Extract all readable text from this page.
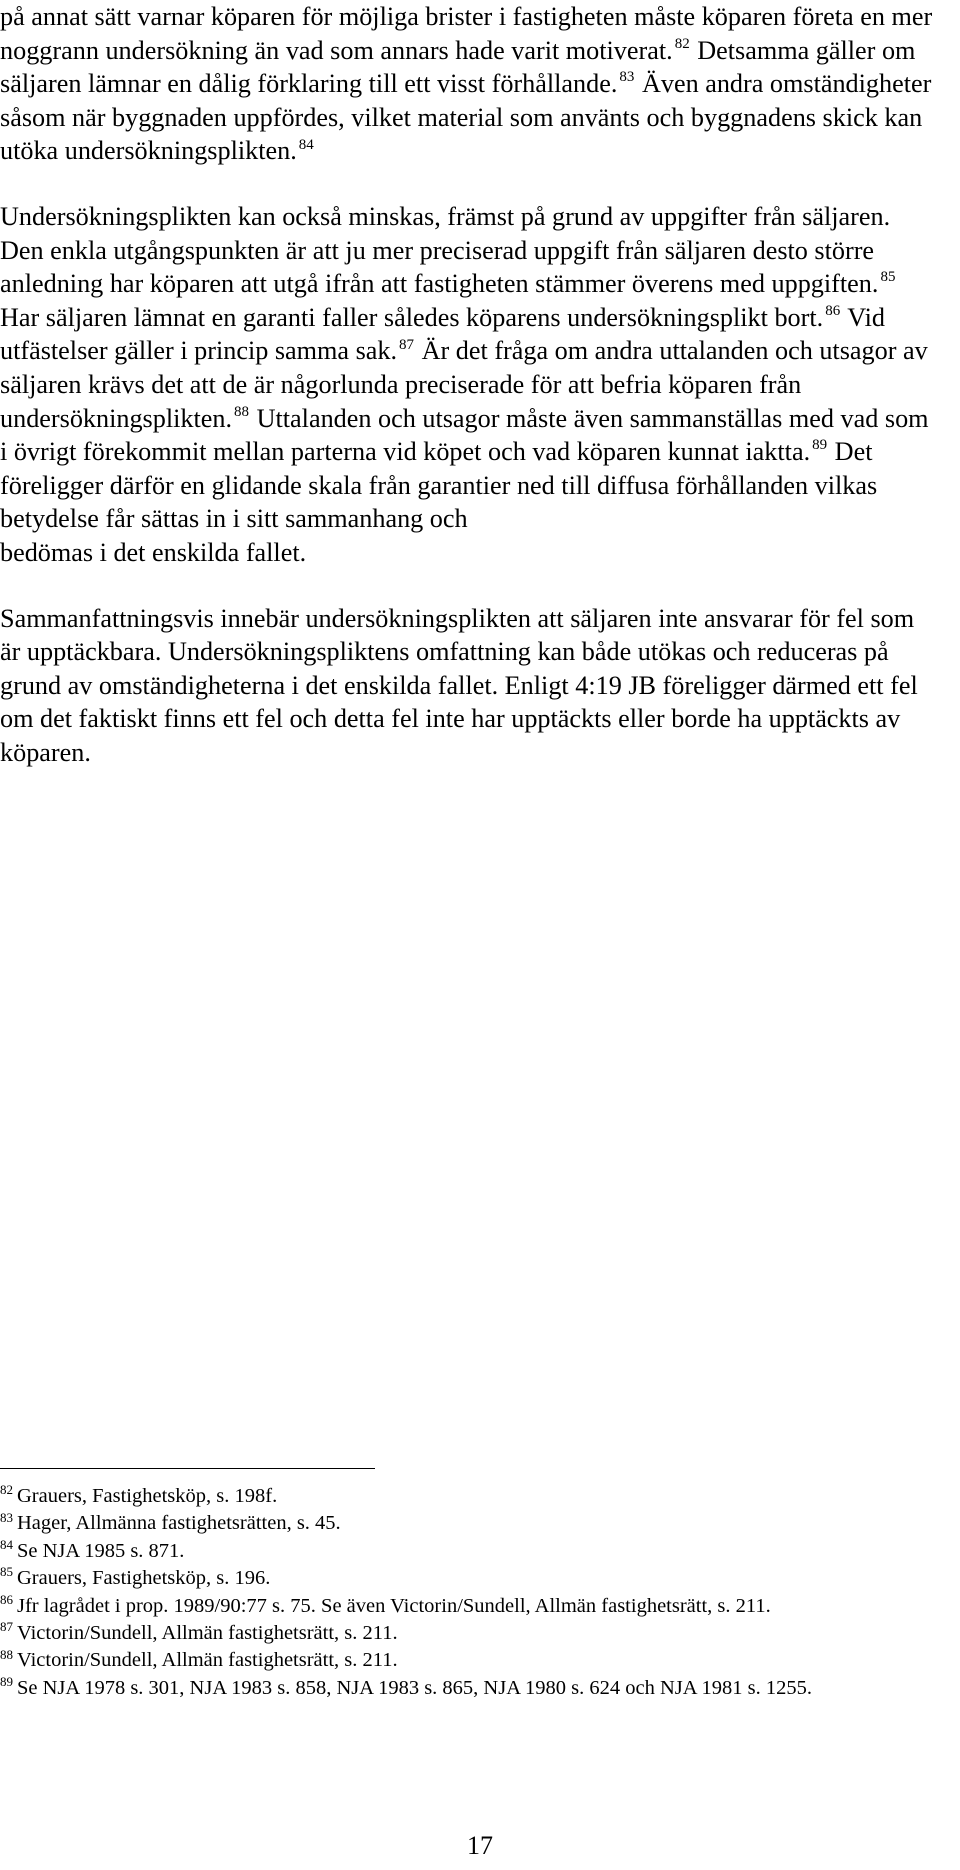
på annat sätt varnar köparen för möjliga brister i fastigheten måste köparen företa en mer noggrann undersökning än vad som annars hade varit motiverat. $^{82}$ Detsamma gäller om säljaren lämnar en dålig förklaring till ett visst förhållande. $^{83}$ Även andra omständigheter såsom när byggnaden uppfördes, vilket material som använts och byggnadens skick kan utöka undersökningsplikten. $^{84}$

Undersökningsplikten kan också minskas, främst på grund av uppgifter från säljaren. Den enkla utgångspunkten är att ju mer preciserad uppgift från säljaren desto större anledning har köparen att utgå ifrån att fastigheten stämmer överens med uppgiften. $^{85}$ Har säljaren lämnat en garanti faller således köparens undersökningsplikt bort. $^{86}$ Vid utfästelser gäller i princip samma sak. $^{87}$ Är det fråga om andra uttalanden och utsagor av säljaren krävs det att de är någorlunda preciserade för att befria köparen från undersökningsplikten. $^{88}$ Uttalanden och utsagor måste även sammanställas med vad som i övrigt förekommit mellan parterna vid köpet och vad köparen kunnat iaktta. $^{89}$ Det föreligger därför en glidande skala från garantier ned till diffusa förhållanden vilkas betydelse får sättas in i sitt sammanhang och
bedömas i det enskilda fallet.

Sammanfattningsvis innebär undersökningsplikten att säljaren inte ansvarar för fel som är upptäckbara. Undersökningspliktens omfattning kan både utökas och reduceras på grund av omständigheterna i det enskilda fallet. Enligt 4:19 JB föreligger därmed ett fel om det faktiskt finns ett fel och detta fel inte har upptäckts eller borde ha upptäckts av köparen.

$^{82}$ Grauers, Fastighetsköp, s. 198f.
$^{83}$ Hager, Allmänna fastighetsrätten, s. 45.
$^{84}$ Se NJA 1985 s. 871.
$^{85}$ Grauers, Fastighetsköp, s. 196.
$^{86}$ Jfr lagrådet i prop. 1989/90:77 s. 75. Se även Victorin/Sundell, Allmän fastighetsrätt, s. 211.
$^{87}$ Victorin/Sundell, Allmän fastighetsrätt, s. 211.
$^{88}$ Victorin/Sundell, Allmän fastighetsrätt, s. 211.
$^{89}$ Se NJA 1978 s. 301, NJA 1983 s. 858, NJA 1983 s. 865, NJA 1980 s. 624 och NJA 1981 s. 1255.
17
